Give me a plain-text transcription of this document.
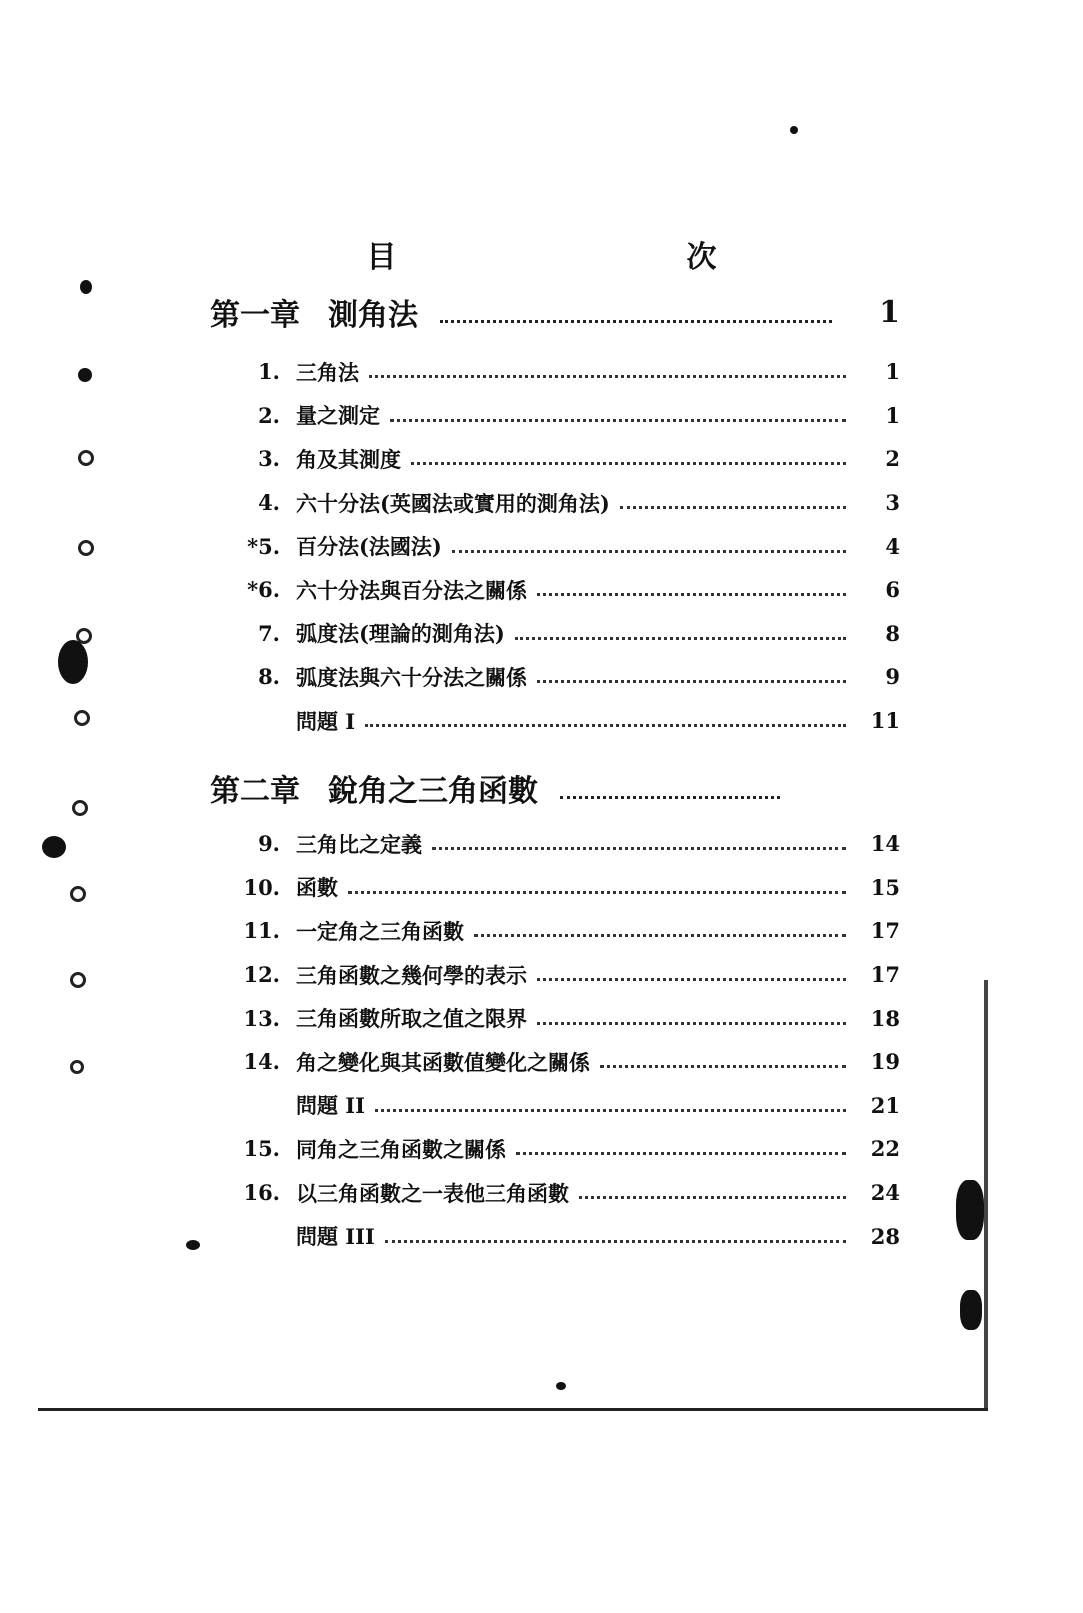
目　次
第一章 測角法	1
1. 三角法	1
2. 量之測定	1
3. 角及其測度	2
4. 六十分法(英國法或實用的測角法)	3
*5. 百分法(法國法)	4
*6. 六十分法與百分法之關係	6
7. 弧度法(理論的測角法)	8
8. 弧度法與六十分法之關係	9
問題 I	11
第二章 銳角之三角函數
9. 三角比之定義	14
10. 函數	15
11. 一定角之三角函數	17
12. 三角函數之幾何學的表示	17
13. 三角函數所取之值之限界	18
14. 角之變化與其函數值變化之關係	19
問題 II	21
15. 同角之三角函數之關係	22
16. 以三角函數之一表他三角函數	24
問題 III	28
